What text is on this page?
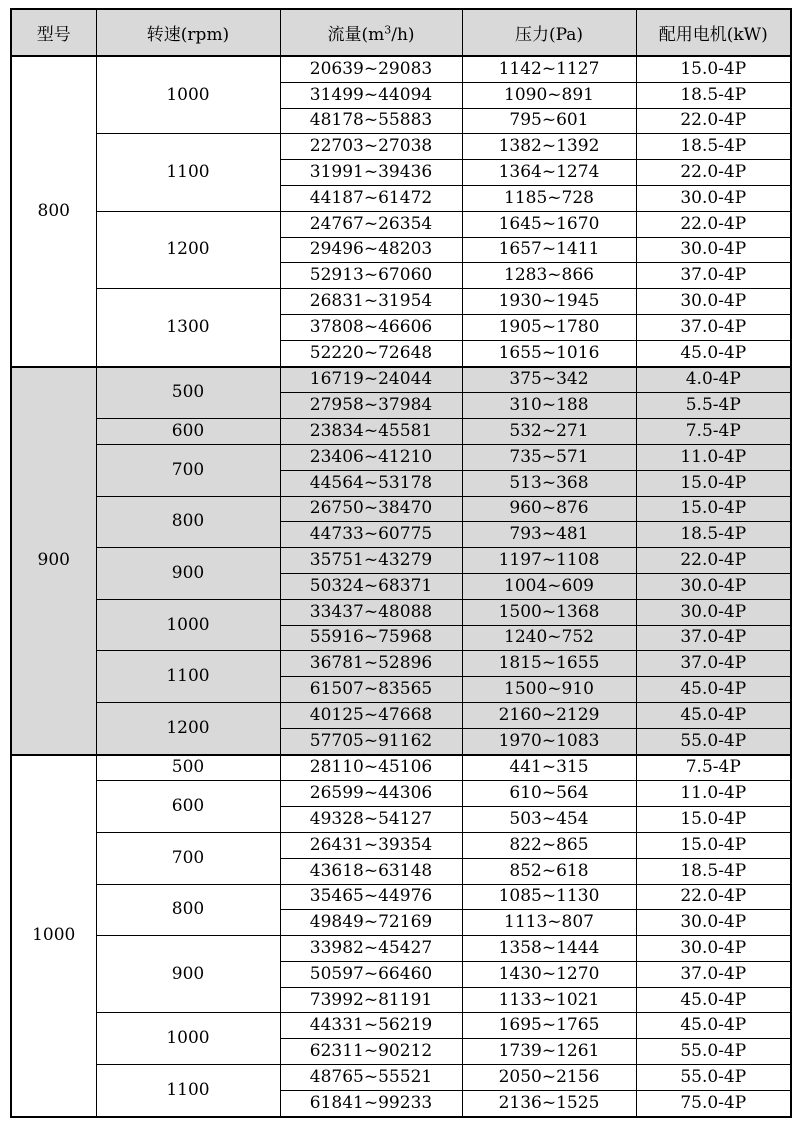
型号	转速(rpm)	流量$(m^3/h)$	压力(Pa)	配用电机(kW)
800	1000	20639~29083	1142~1127	15.0-4P
		31499~44094	1090~891	18.5-4P
		48178~55883	795~601	22.0-4P
	1100	22703~27038	1382~1392	18.5-4P
		31991~39436	1364~1274	22.0-4P
		44187~61472	1185~728	30.0-4P
	1200	24767~26354	1645~1670	22.0-4P
		29496~48203	1657~1411	30.0-4P
		52913~67060	1283~866	37.0-4P
	1300	26831~31954	1930~1945	30.0-4P
		37808~46606	1905~1780	37.0-4P
		52220~72648	1655~1016	45.0-4P
900	500	16719~24044	375~342	4.0-4P
		27958~37984	310~188	5.5-4P
	600	23834~45581	532~271	7.5-4P
	700	23406~41210	735~571	11.0-4P
		44564~53178	513~368	15.0-4P
	800	26750~38470	960~876	15.0-4P
		44733~60775	793~481	18.5-4P
	900	35751~43279	1197~1108	22.0-4P
		50324~68371	1004~609	30.0-4P
	1000	33437~48088	1500~1368	30.0-4P
		55916~75968	1240~752	37.0-4P
	1100	36781~52896	1815~1655	37.0-4P
		61507~83565	1500~910	45.0-4P
	1200	40125~47668	2160~2129	45.0-4P
		57705~91162	1970~1083	55.0-4P
1000	500	28110~45106	441~315	7.5-4P
	600	26599~44306	610~564	11.0-4P
		49328~54127	503~454	15.0-4P
	700	26431~39354	822~865	15.0-4P
		43618~63148	852~618	18.5-4P
	800	35465~44976	1085~1130	22.0-4P
		49849~72169	1113~807	30.0-4P
	900	33982~45427	1358~1444	30.0-4P
		50597~66460	1430~1270	37.0-4P
		73992~81191	1133~1021	45.0-4P
	1000	44331~56219	1695~1765	45.0-4P
		62311~90212	1739~1261	55.0-4P
	1100	48765~55521	2050~2156	55.0-4P
		61841~99233	2136~1525	75.0-4P
